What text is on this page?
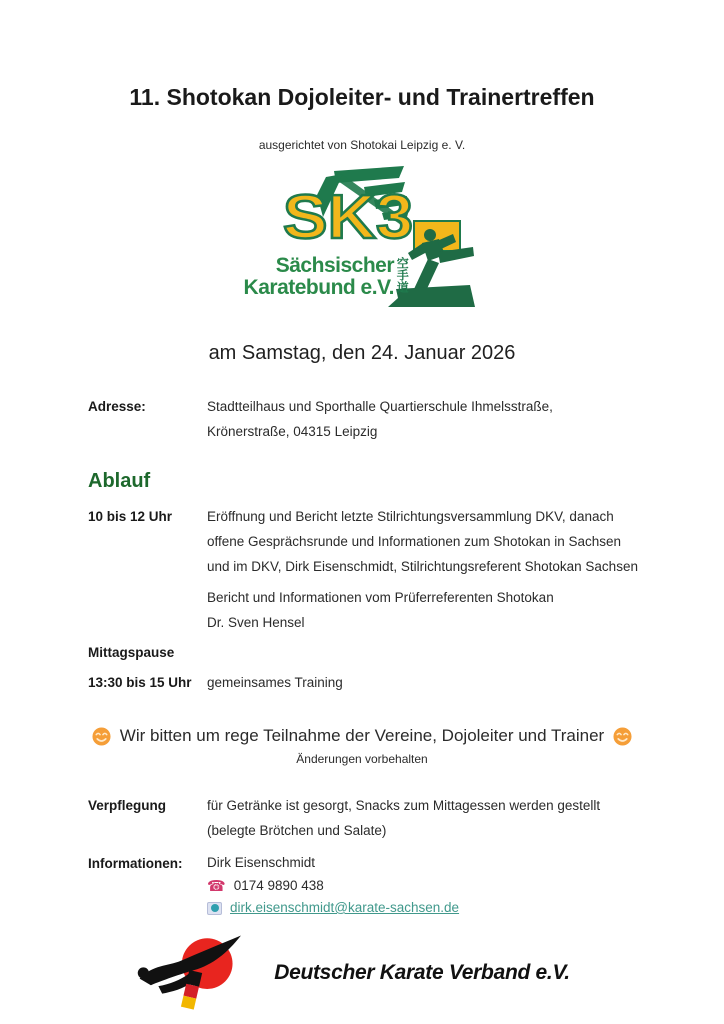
11. Shotokan Dojoleiter- und Trainertreffen
ausgerichtet von Shotokai Leipzig e. V.
SK3
Sächsischer
Karatebund e.V. 空手道
am Samstag, den 24. Januar 2026
Adresse:	Stadtteilhaus und Sporthalle Quartierschule Ihmelsstraße,
Krönerstraße, 04315 Leipzig
Ablauf
10 bis 12 Uhr	Eröffnung und Bericht letzte Stilrichtungsversammlung DKV, danach
offene Gesprächsrunde und Informationen zum Shotokan in Sachsen
und im DKV, Dirk Eisenschmidt, Stilrichtungsreferent Shotokan Sachsen
Bericht und Informationen vom Prüferreferenten Shotokan
Dr. Sven Hensel
Mittagspause
13:30 bis 15 Uhr	gemeinsames Training
Wir bitten um rege Teilnahme der Vereine, Dojoleiter und Trainer
Änderungen vorbehalten
Verpflegung	für Getränke ist gesorgt, Snacks zum Mittagessen werden gestellt
(belegte Brötchen und Salate)
Informationen:	Dirk Eisenschmidt
☎ 0174 9890 438
dirk.eisenschmidt@karate-sachsen.de
Deutscher Karate Verband e.V.
